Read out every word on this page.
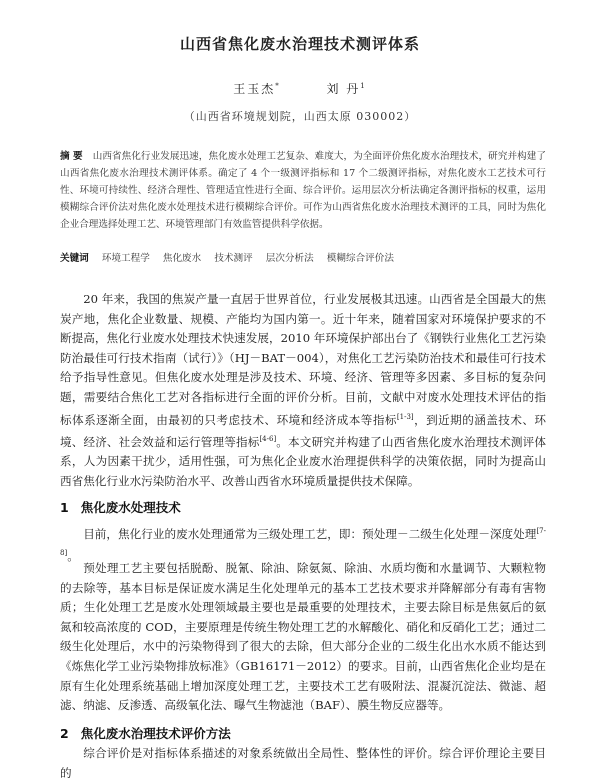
山西省焦化废水治理技术测评体系
王玉杰*	刘 丹$^1$
（山西省环境规划院，山西太原 030002）
摘 要 山西省焦化行业发展迅速，焦化废水处理工艺复杂、难度大，为全面评价焦化废水治理技术，研究并构建了山西省焦化废水治理技术测评体系。确定了 4 个一级测评指标和 17 个二级测评指标，对焦化废水工艺技术可行性、环境可持续性、经济合理性、管理适宜性进行全面、综合评价。运用层次分析法确定各测评指标的权重，运用模糊综合评价法对焦化废水处理技术进行模糊综合评价。可作为山西省焦化废水治理技术测评的工具，同时为焦化企业合理选择处理工艺、环境管理部门有效监管提供科学依据。
关键词 环境工程学 焦化废水 技术测评 层次分析法 模糊综合评价法
20 年来，我国的焦炭产量一直居于世界首位，行业发展极其迅速。山西省是全国最大的焦炭产地，焦化企业数量、规模、产能均为国内第一。近十年来，随着国家对环境保护要求的不断提高，焦化行业废水处理技术快速发展，2010 年环境保护部出台了《钢铁行业焦化工艺污染防治最佳可行技术指南（试行）》（HJ－BAT－004），对焦化工艺污染防治技术和最佳可行技术给予指导性意见。但焦化废水处理是涉及技术、环境、经济、管理等多因素、多目标的复杂问题，需要结合焦化工艺对各指标进行全面的评价分析。目前，文献中对废水处理技术评估的指标体系逐渐全面，由最初的只考虑技术、环境和经济成本等指标[1-3]，到近期的涵盖技术、环境、经济、社会效益和运行管理等指标[4-6]。本文研究并构建了山西省焦化废水治理技术测评体系，人为因素干扰少，适用性强，可为焦化企业废水治理提供科学的决策依据，同时为提高山西省焦化行业水污染防治水平、改善山西省水环境质量提供技术保障。
1 焦化废水处理技术
目前，焦化行业的废水处理通常为三级处理工艺，即：预处理－二级生化处理－深度处理[7-8]。
预处理工艺主要包括脱酚、脱氰、除油、除氨氮、除油、水质均衡和水量调节、大颗粒物的去除等，基本目标是保证废水满足生化处理单元的基本工艺技术要求并降解部分有毒有害物质；生化处理工艺是废水处理领域最主要也是最重要的处理技术，主要去除目标是焦氨后的氨氮和较高浓度的 COD，主要原理是传统生物处理工艺的水解酸化、硝化和反硝化工艺；通过二级生化处理后，水中的污染物得到了很大的去除，但大部分企业的二级生化出水水质不能达到《炼焦化学工业污染物排放标准》（GB16171－2012）的要求。目前，山西省焦化企业均是在原有生化处理系统基础上增加深度处理工艺，主要技术工艺有吸附法、混凝沉淀法、微滤、超滤、纳滤、反渗透、高级氧化法、曝气生物滤池（BAF）、膜生物反应器等。
2 焦化废水治理技术评价方法
综合评价是对指标体系描述的对象系统做出全局性、整体性的评价。综合评价理论主要目的
